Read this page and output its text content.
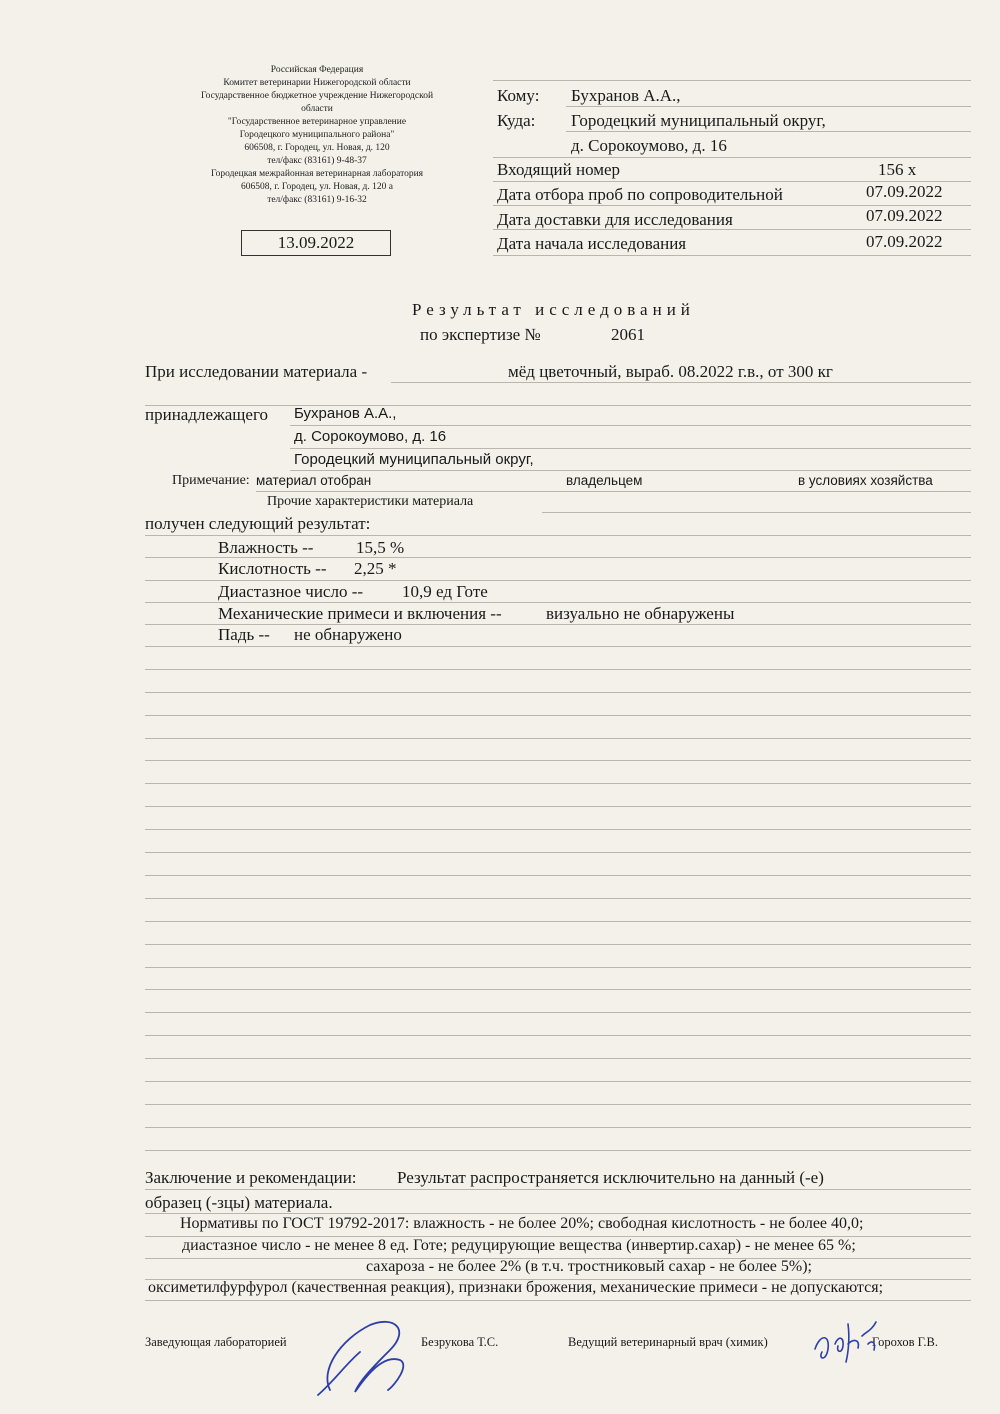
Российская Федерация
Комитет ветеринарии Нижегородской области
Государственное бюджетное учреждение Нижегородской
области
"Государственное ветеринарное управление
Городецкого муниципального района"
606508, г. Городец, ул. Новая, д. 120
тел/факс (83161) 9-48-37
Городецкая межрайонная ветеринарная лаборатория
606508, г. Городец, ул. Новая, д. 120 а
тел/факс (83161) 9-16-32
13.09.2022
Кому: Бухранов А.А.,
Куда: Городецкий муниципальный округ,
д. Сорокоумово, д. 16
Входящий номер	156 х
Дата отбора проб по сопроводительной	07.09.2022
Дата доставки для исследования	07.09.2022
Дата начала исследования	07.09.2022
Результат исследований
по экспертизе №	2061
При исследовании материала -	мёд цветочный, выраб. 08.2022 г.в., от 300 кг
принадлежащего Бухранов А.А.,
д. Сорокоумово, д. 16
Городецкий муниципальный округ,
Примечание: материал отобран	владельцем	в условиях хозяйства
Прочие характеристики материала
получен следующий результат:
Влажность --	15,5 %
Кислотность -- 2,25 *
Диастазное число -- 10,9 ед Готе
Механические примеси и включения --	визуально не обнаружены
Падь -- не обнаружено
Заключение и рекомендации: Результат распространяется исключительно на данный (-е)
образец (-зцы) материала.
Нормативы по ГОСТ 19792-2017: влажность - не более 20%; свободная кислотность - не более 40,0;
диастазное число - не менее 8 ед. Готе; редуцирующие вещества (инвертир.сахар) - не менее 65 %;
сахароза - не более 2% (в т.ч. тростниковый сахар - не более 5%);
оксиметилфурфурол (качественная реакция), признаки брожения, механические примеси - не допускаются;
Заведующая лабораторией	Безрукова Т.С.	Ведущий ветеринарный врач (химик)	Горохов Г.В.
